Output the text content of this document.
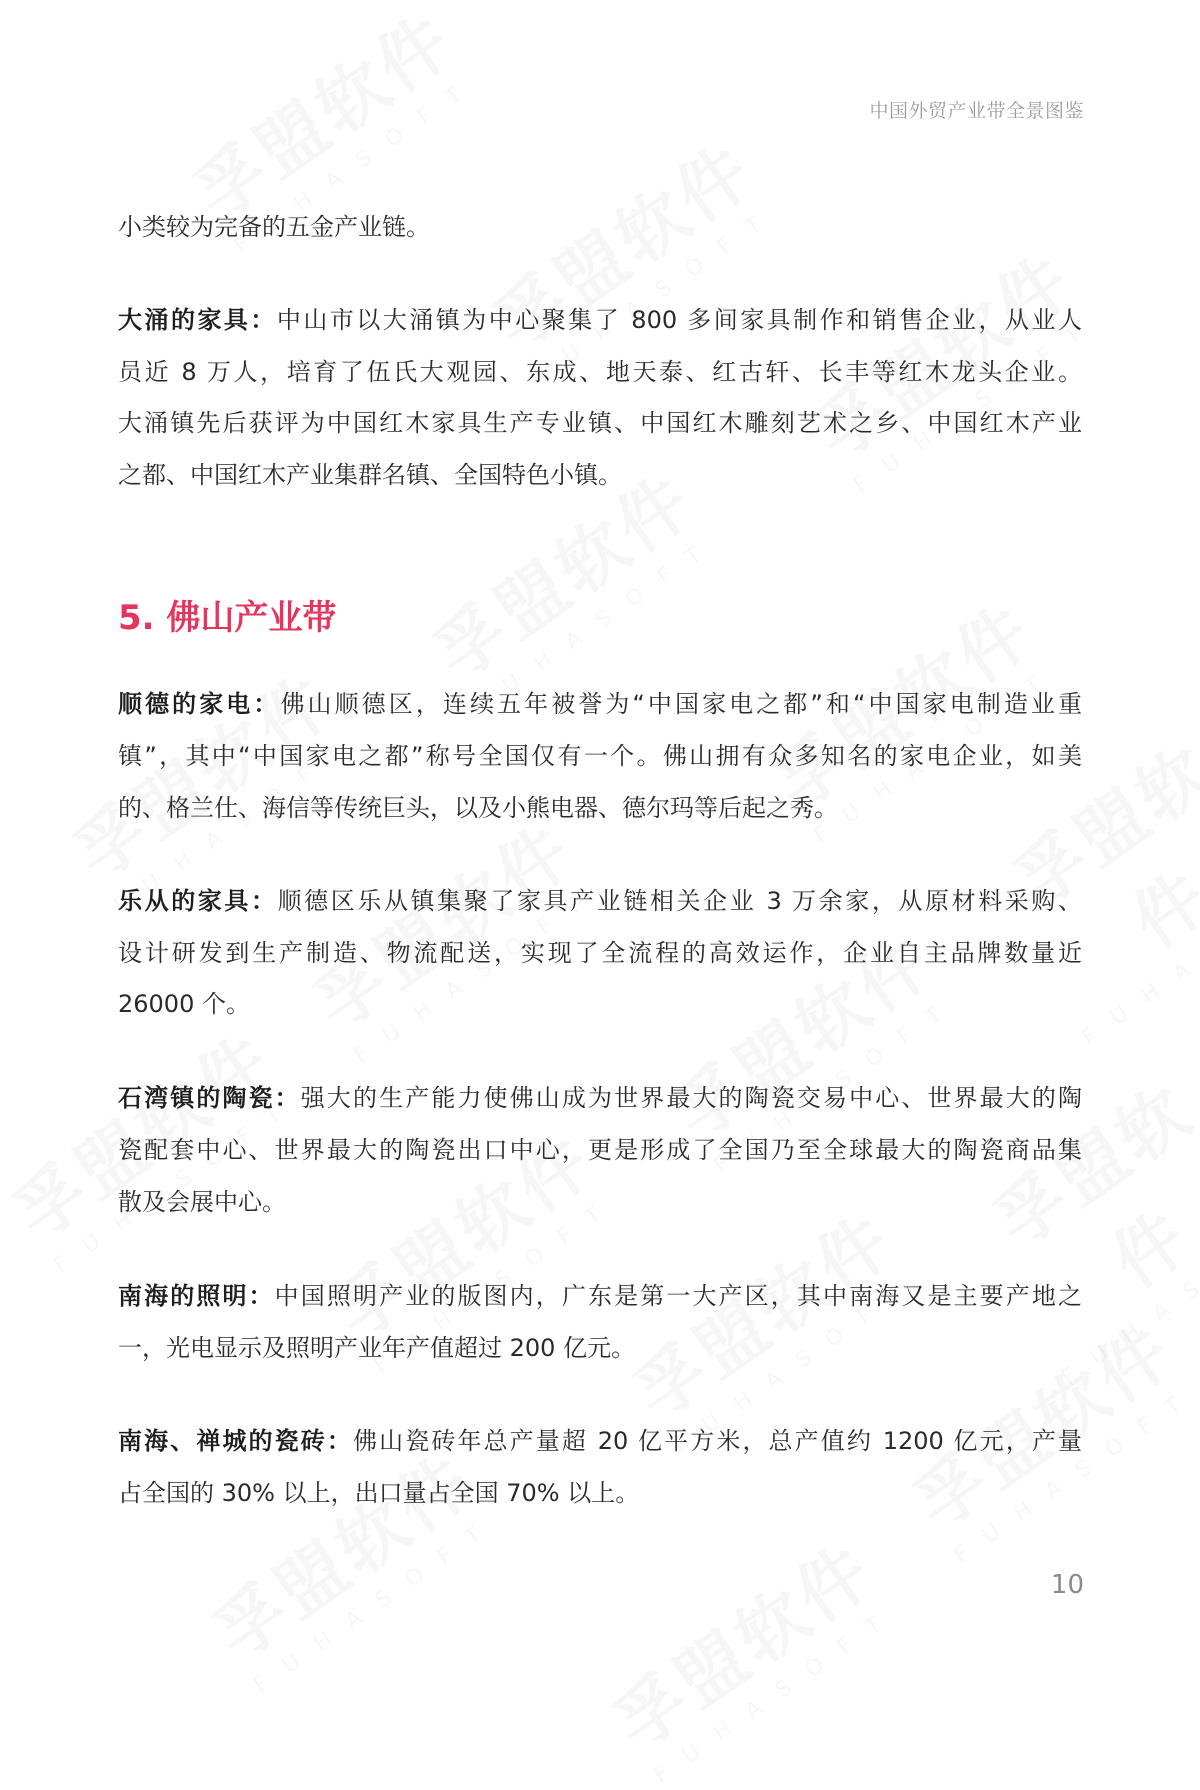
中国外贸产业带全景图鉴
小类较为完备的五金产业链。
大涌的家具：中山市以大涌镇为中心聚集了 800 多间家具制作和销售企业，从业人
员近 8 万人，培育了伍氏大观园、东成、地天泰、红古轩、长丰等红木龙头企业。
大涌镇先后获评为中国红木家具生产专业镇、中国红木雕刻艺术之乡、中国红木产业
之都、中国红木产业集群名镇、全国特色小镇。
5. 佛山产业带
顺德的家电：佛山顺德区，连续五年被誉为“中国家电之都”和“中国家电制造业重
镇”，其中“中国家电之都”称号全国仅有一个。佛山拥有众多知名的家电企业，如美
的、格兰仕、海信等传统巨头，以及小熊电器、德尔玛等后起之秀。
乐从的家具：顺德区乐从镇集聚了家具产业链相关企业 3 万余家，从原材料采购、
设计研发到生产制造、物流配送，实现了全流程的高效运作，企业自主品牌数量近
26000 个。
石湾镇的陶瓷：强大的生产能力使佛山成为世界最大的陶瓷交易中心、世界最大的陶
瓷配套中心、世界最大的陶瓷出口中心，更是形成了全国乃至全球最大的陶瓷商品集
散及会展中心。
南海的照明：中国照明产业的版图内，广东是第一大产区，其中南海又是主要产地之
一，光电显示及照明产业年产值超过 200 亿元。
南海、禅城的瓷砖：佛山瓷砖年总产量超 20 亿平方米，总产值约 1200 亿元，产量
占全国的 30% 以上，出口量占全国 70% 以上。
10
